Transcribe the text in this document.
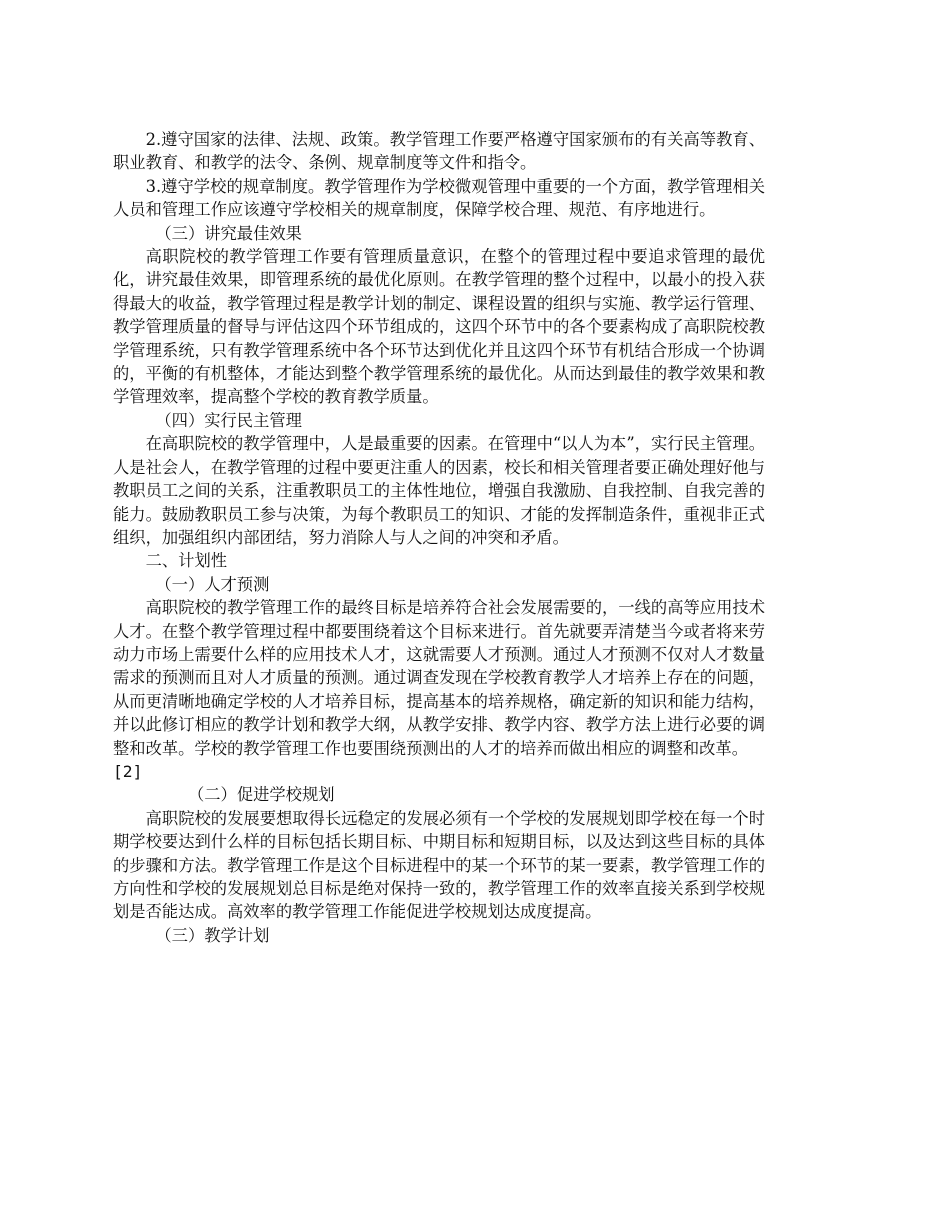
2.遵守国家的法律、法规、政策。教学管理工作要严格遵守国家颁布的有关高等教育、职业教育、和教学的法令、条例、规章制度等文件和指令。

3.遵守学校的规章制度。教学管理作为学校微观管理中重要的一个方面，教学管理相关人员和管理工作应该遵守学校相关的规章制度，保障学校合理、规范、有序地进行。

（三）讲究最佳效果

高职院校的教学管理工作要有管理质量意识，在整个的管理过程中要追求管理的最优化，讲究最佳效果，即管理系统的最优化原则。在教学管理的整个过程中，以最小的投入获得最大的收益，教学管理过程是教学计划的制定、课程设置的组织与实施、教学运行管理、教学管理质量的督导与评估这四个环节组成的，这四个环节中的各个要素构成了高职院校教学管理系统，只有教学管理系统中各个环节达到优化并且这四个环节有机结合形成一个协调的，平衡的有机整体，才能达到整个教学管理系统的最优化。从而达到最佳的教学效果和教学管理效率，提高整个学校的教育教学质量。

（四）实行民主管理

在高职院校的教学管理中，人是最重要的因素。在管理中“以人为本”，实行民主管理。人是社会人，在教学管理的过程中要更注重人的因素，校长和相关管理者要正确处理好他与教职员工之间的关系，注重教职员工的主体性地位，增强自我激励、自我控制、自我完善的能力。鼓励教职员工参与决策，为每个教职员工的知识、才能的发挥制造条件，重视非正式组织，加强组织内部团结，努力消除人与人之间的冲突和矛盾。

二、计划性

（一）人才预测

高职院校的教学管理工作的最终目标是培养符合社会发展需要的，一线的高等应用技术人才。在整个教学管理过程中都要围绕着这个目标来进行。首先就要弄清楚当今或者将来劳动力市场上需要什么样的应用技术人才，这就需要人才预测。通过人才预测不仅对人才数量需求的预测而且对人才质量的预测。通过调查发现在学校教育教学人才培养上存在的问题，从而更清晰地确定学校的人才培养目标，提高基本的培养规格，确定新的知识和能力结构，并以此修订相应的教学计划和教学大纲，从教学安排、教学内容、教学方法上进行必要的调整和改革。学校的教学管理工作也要围绕预测出的人才的培养而做出相应的调整和改革。

[2]

（二）促进学校规划

高职院校的发展要想取得长远稳定的发展必须有一个学校的发展规划即学校在每一个时期学校要达到什么样的目标包括长期目标、中期目标和短期目标，以及达到这些目标的具体的步骤和方法。教学管理工作是这个目标进程中的某一个环节的某一要素，教学管理工作的方向性和学校的发展规划总目标是绝对保持一致的，教学管理工作的效率直接关系到学校规划是否能达成。高效率的教学管理工作能促进学校规划达成度提高。

（三）教学计划
